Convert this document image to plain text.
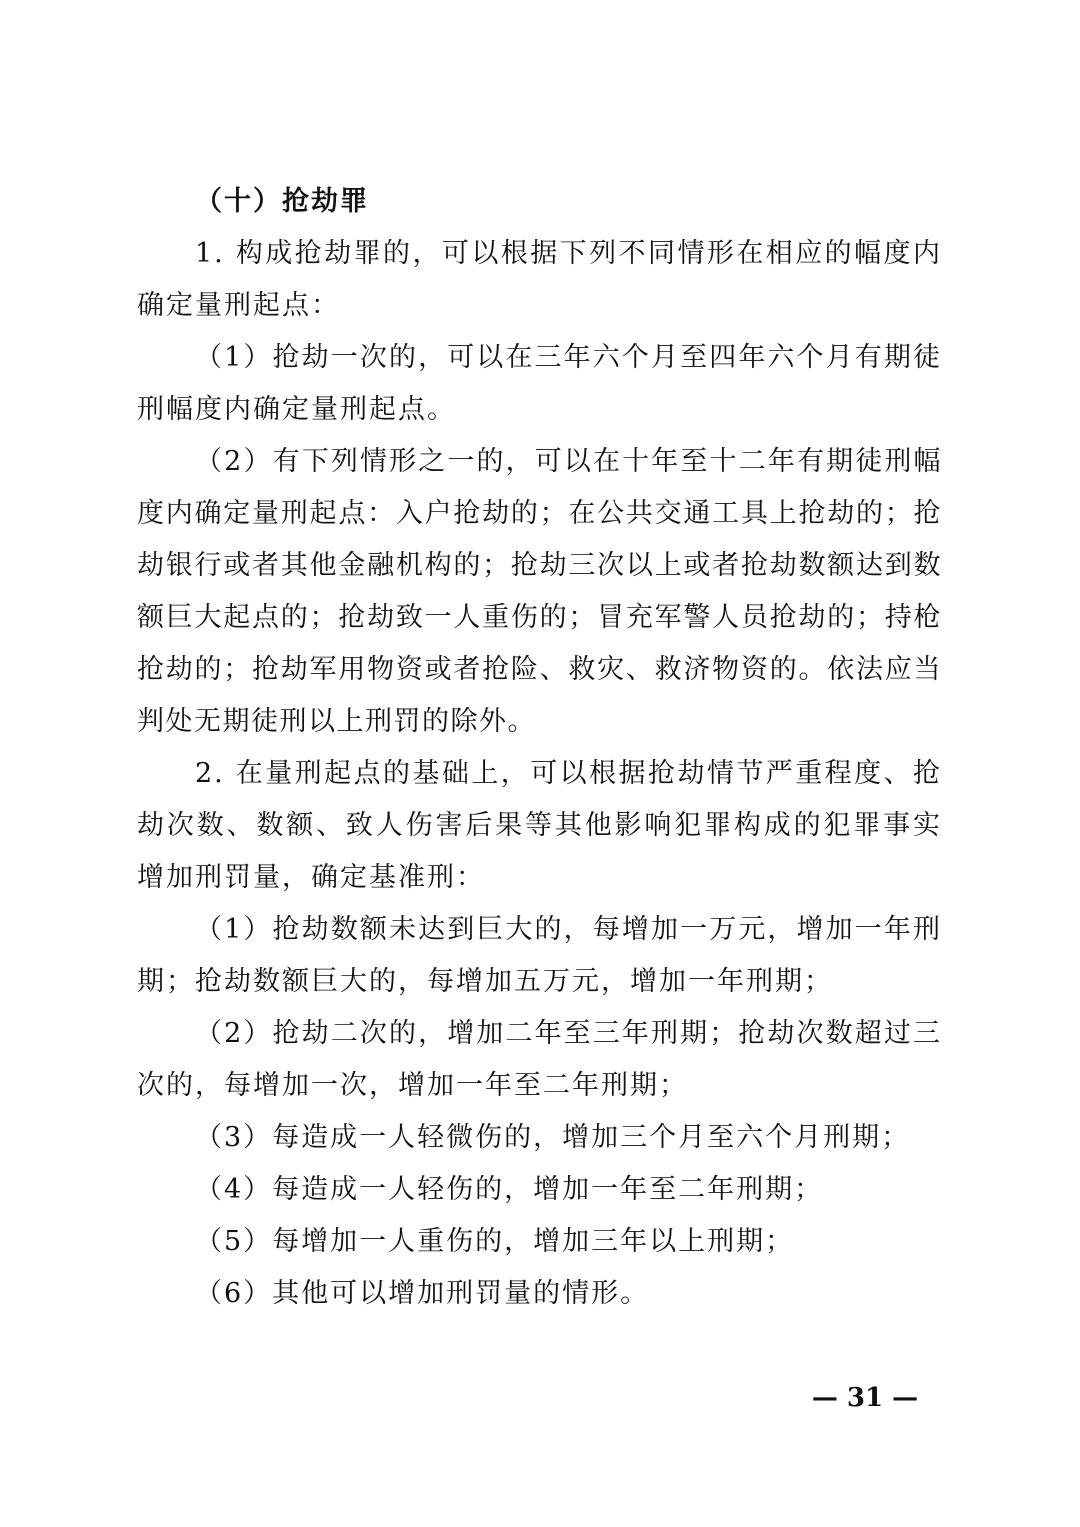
（十）抢劫罪

1. 构成抢劫罪的，可以根据下列不同情形在相应的幅度内确定量刑起点：

（1）抢劫一次的，可以在三年六个月至四年六个月有期徒刑幅度内确定量刑起点。

（2）有下列情形之一的，可以在十年至十二年有期徒刑幅度内确定量刑起点：入户抢劫的；在公共交通工具上抢劫的；抢劫银行或者其他金融机构的；抢劫三次以上或者抢劫数额达到数额巨大起点的；抢劫致一人重伤的；冒充军警人员抢劫的；持枪抢劫的；抢劫军用物资或者抢险、救灾、救济物资的。依法应当判处无期徒刑以上刑罚的除外。

2. 在量刑起点的基础上，可以根据抢劫情节严重程度、抢劫次数、数额、致人伤害后果等其他影响犯罪构成的犯罪事实增加刑罚量，确定基准刑：

（1）抢劫数额未达到巨大的，每增加一万元，增加一年刑期；抢劫数额巨大的，每增加五万元，增加一年刑期；

（2）抢劫二次的，增加二年至三年刑期；抢劫次数超过三次的，每增加一次，增加一年至二年刑期；

（3）每造成一人轻微伤的，增加三个月至六个月刑期；

（4）每造成一人轻伤的，增加一年至二年刑期；

（5）每增加一人重伤的，增加三年以上刑期；

（6）其他可以增加刑罚量的情形。

— 31 —
